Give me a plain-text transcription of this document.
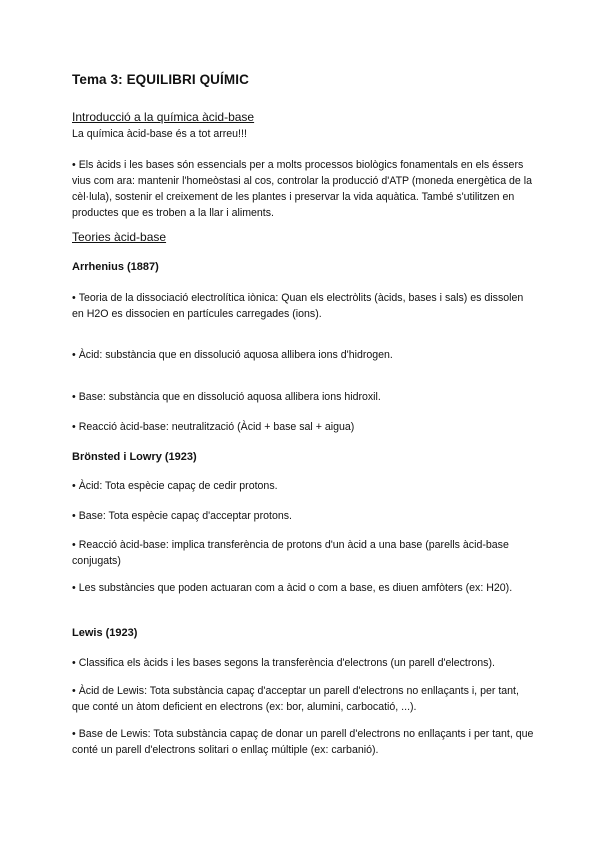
Tema 3: EQUILIBRI QUÍMIC
Introducció a la química àcid-base
La química àcid-base és a tot arreu!!!
• Els àcids i les bases són essencials per a molts processos biològics fonamentals en els éssers vius com ara: mantenir l'homeòstasi al cos, controlar la producció d'ATP (moneda energètica de la cèl·lula), sostenir el creixement de les plantes i preservar la vida aquàtica. També s'utilitzen en productes que es troben a la llar i aliments.
Teories àcid-base
Arrhenius (1887)
• Teoria de la dissociació electrolítica iònica: Quan els electròlits (àcids, bases i sals) es dissolen en H2O es dissocien en partícules carregades (ions).
• Àcid: substància que en dissolució aquosa allibera ions d'hidrogen.
• Base: substància que en dissolució aquosa allibera ions hidroxil.
• Reacció àcid-base: neutralització (Àcid + base sal + aigua)
Brönsted i Lowry (1923)
• Àcid: Tota espècie capaç de cedir protons.
• Base: Tota espècie capaç d'acceptar protons.
• Reacció àcid-base: implica transferència de protons d'un àcid a una base (parells àcid-base conjugats)
• Les substàncies que poden actuaran com a àcid o com a base, es diuen amfòters (ex: H20).
Lewis (1923)
• Classifica els àcids i les bases segons la transferència d'electrons (un parell d'electrons).
• Àcid de Lewis: Tota substància capaç d'acceptar un parell d'electrons no enllaçants i, per tant, que conté un àtom deficient en electrons (ex: bor, alumini, carbocatió, ...).
• Base de Lewis: Tota substància capaç de donar un parell d'electrons no enllaçants i per tant, que conté un parell d'electrons solitari o enllaç múltiple (ex: carbanió).
